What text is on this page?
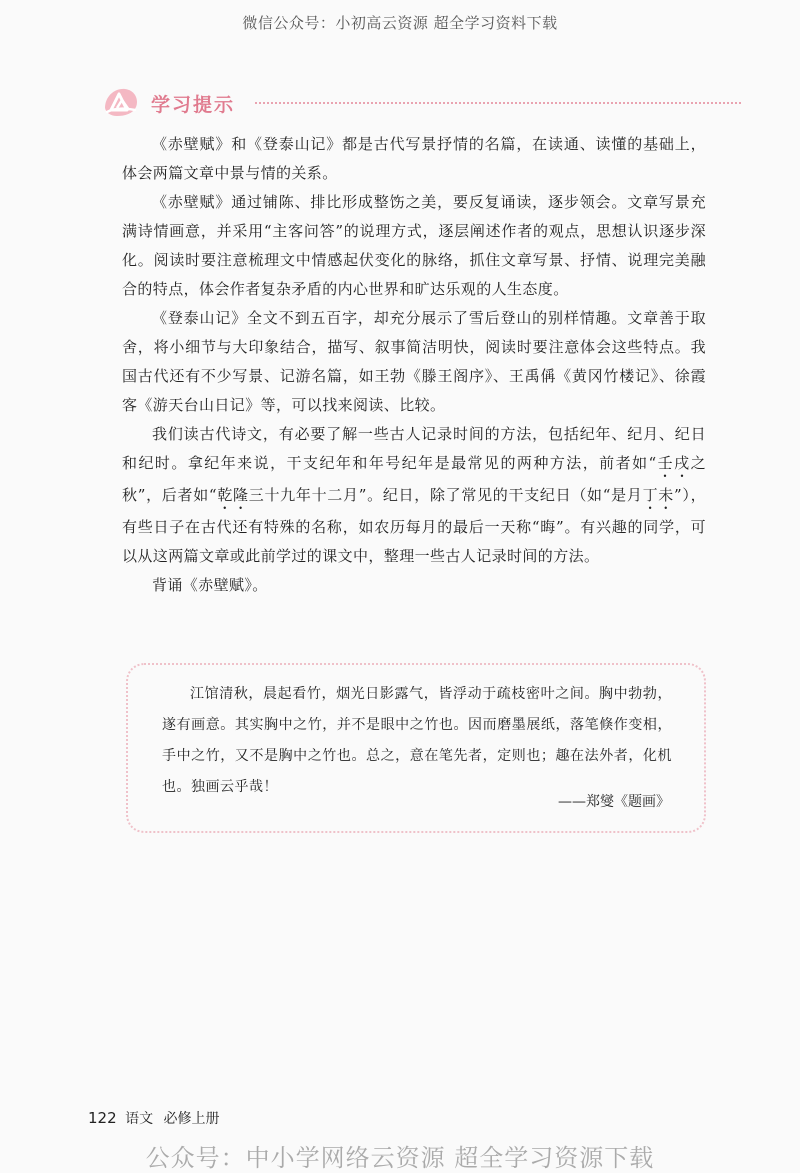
微信公众号：小初高云资源 超全学习资料下载
学习提示

《赤壁赋》和《登泰山记》都是古代写景抒情的名篇，在读通、读懂的基础上，体会两篇文章中景与情的关系。

《赤壁赋》通过铺陈、排比形成整饬之美，要反复诵读，逐步领会。文章写景充满诗情画意，并采用“主客问答”的说理方式，逐层阐述作者的观点，思想认识逐步深化。阅读时要注意梳理文中情感起伏变化的脉络，抓住文章写景、抒情、说理完美融合的特点，体会作者复杂矛盾的内心世界和旷达乐观的人生态度。

《登泰山记》全文不到五百字，却充分展示了雪后登山的别样情趣。文章善于取舍，将小细节与大印象结合，描写、叙事简洁明快，阅读时要注意体会这些特点。我国古代还有不少写景、记游名篇，如王勃《滕王阁序》、王禹偁《黄冈竹楼记》、徐霞客《游天台山日记》等，可以找来阅读、比较。

我们读古代诗文，有必要了解一些古人记录时间的方法，包括纪年、纪月、纪日和纪时。拿纪年来说，干支纪年和年号纪年是最常见的两种方法，前者如“壬戌之秋”，后者如“乾隆三十九年十二月”。纪日，除了常见的干支纪日（如“是月丁未”），有些日子在古代还有特殊的名称，如农历每月的最后一天称“晦”。有兴趣的同学，可以从这两篇文章或此前学过的课文中，整理一些古人记录时间的方法。

背诵《赤壁赋》。

江馆清秋，晨起看竹，烟光日影露气，皆浮动于疏枝密叶之间。胸中勃勃，遂有画意。其实胸中之竹，并不是眼中之竹也。因而磨墨展纸，落笔倏作变相，手中之竹，又不是胸中之竹也。总之，意在笔先者，定则也；趣在法外者，化机也。独画云乎哉！

——郑燮《题画》
122 语文 必修上册
公众号：中小学网络云资源 超全学习资源下载
